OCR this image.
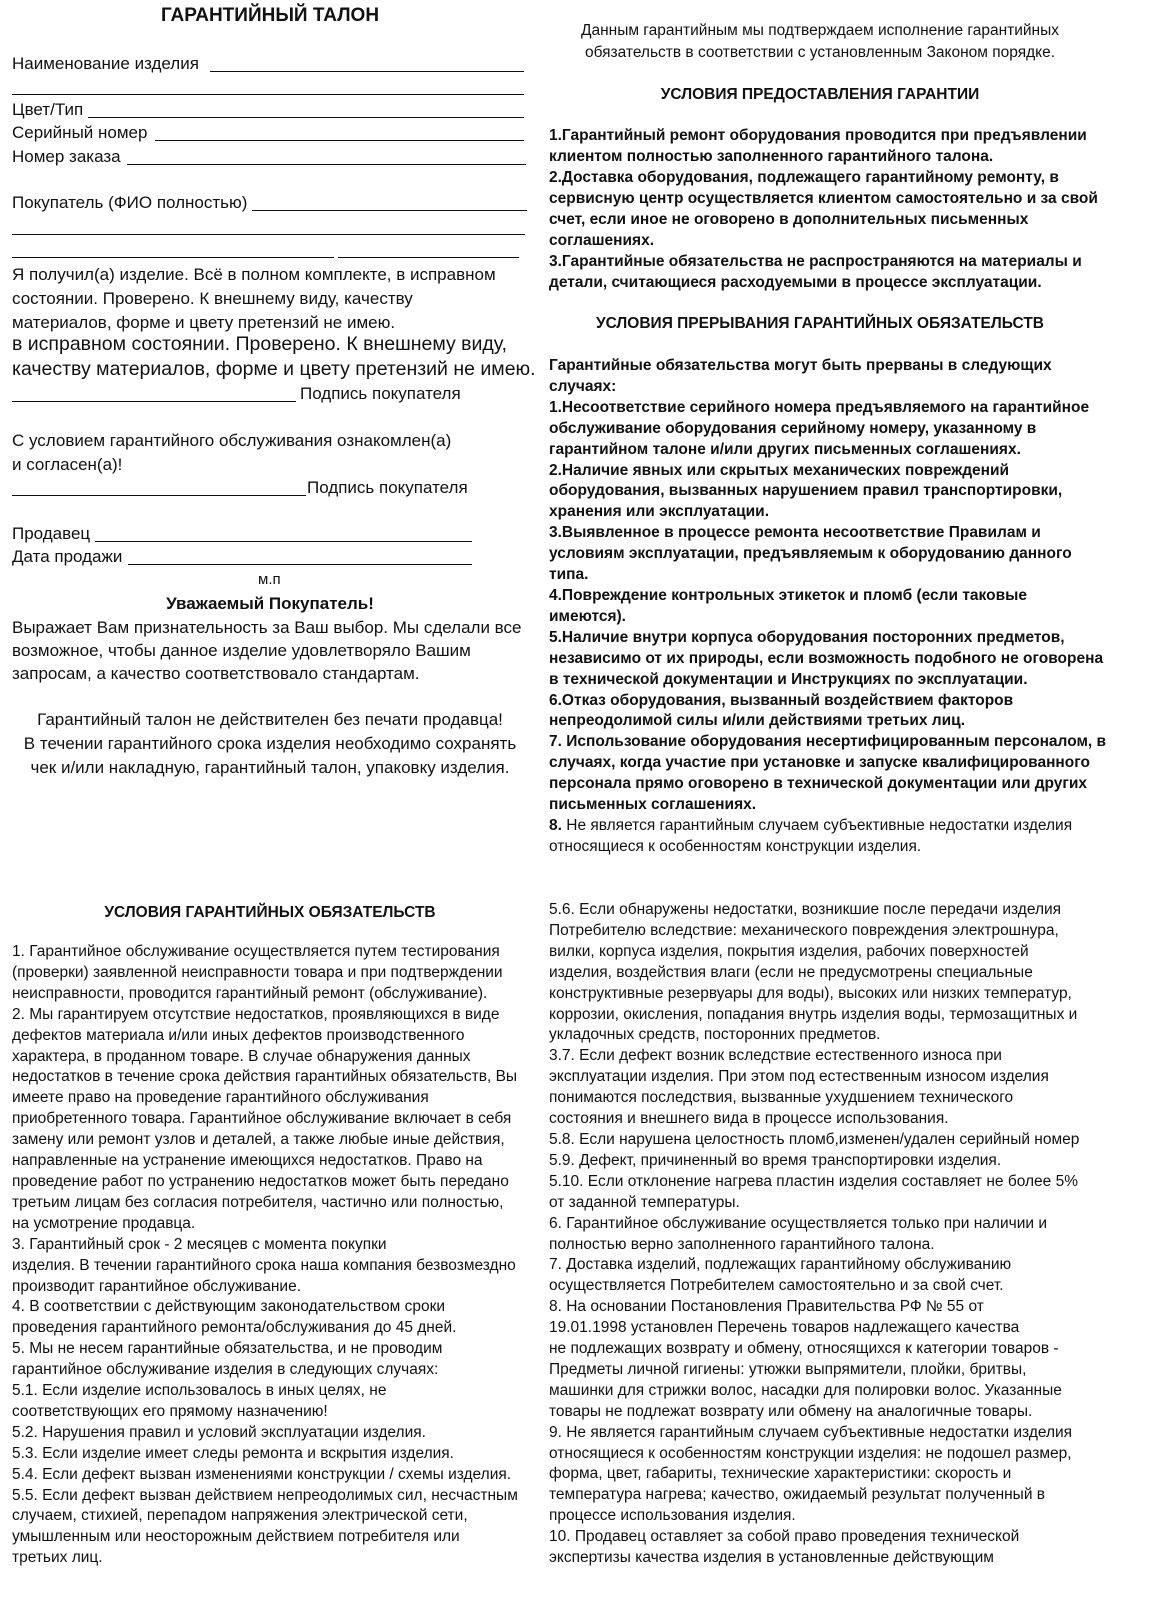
ГАРАНТИЙНЫЙ ТАЛОН
Наименование изделия
Цвет/Тип
Серийный номер
Номер заказа
Покупатель (ФИО полностью)
Я получил(а) изделие. Всё в полном комплекте, в исправном
состоянии. Проверено. К внешнему виду, качеству
материалов, форме и цвету претензий не имею.
в исправном состоянии. Проверено. К внешнему виду,
качеству материалов, форме и цвету претензий не имею.
Подпись покупателя
С условием гарантийного обслуживания ознакомлен(а)
и согласен(а)!
Подпись покупателя
Продавец
Дата продажи
м.п
Уважаемый Покупатель!
Выражает Вам признательность за Ваш выбор. Мы сделали все
возможное, чтобы данное изделие удовлетворяло Вашим
запросам, а качество соответствовало стандартам.
Гарантийный талон не действителен без печати продавца!
В течении гарантийного срока изделия необходимо сохранять
чек и/или накладную, гарантийный талон, упаковку изделия.
Данным гарантийным мы подтверждаем исполнение гарантийных
обязательств в соответствии с установленным Законом порядке.
УСЛОВИЯ ПРЕДОСТАВЛЕНИЯ ГАРАНТИИ
1.Гарантийный ремонт оборудования проводится при предъявлении
клиентом полностью заполненного гарантийного талона.
2.Доставка оборудования, подлежащего гарантийному ремонту, в
сервисную центр осуществляется клиентом самостоятельно и за свой
счет, если иное не оговорено в дополнительных письменных
соглашениях.
3.Гарантийные обязательства не распространяются на материалы и
детали, считающиеся расходуемыми в процессе эксплуатации.
УСЛОВИЯ ПРЕРЫВАНИЯ ГАРАНТИЙНЫХ ОБЯЗАТЕЛЬСТВ
Гарантийные обязательства могут быть прерваны в следующих
случаях:
1.Несоответствие серийного номера предъявляемого на гарантийное
обслуживание оборудования серийному номеру, указанному в
гарантийном талоне и/или других письменных соглашениях.
2.Наличие явных или скрытых механических повреждений
оборудования, вызванных нарушением правил транспортировки,
хранения или эксплуатации.
3.Выявленное в процессе ремонта несоответствие Правилам и
условиям эксплуатации, предъявляемым к оборудованию данного
типа.
4.Повреждение контрольных этикеток и пломб (если таковые
имеются).
5.Наличие внутри корпуса оборудования посторонних предметов,
независимо от их природы, если возможность подобного не оговорена
в технической документации и Инструкциях по эксплуатации.
6.Отказ оборудования, вызванный воздействием факторов
непреодолимой силы и/или действиями третьих лиц.
7. Использование оборудования несертифицированным персоналом, в
случаях, когда участие при установке и запуске квалифицированного
персонала прямо оговорено в технической документации или других
письменных соглашениях.
8. Не является гарантийным случаем субъективные недостатки изделия
относящиеся к особенностям конструкции изделия.
УСЛОВИЯ ГАРАНТИЙНЫХ ОБЯЗАТЕЛЬСТВ
1. Гарантийное обслуживание осуществляется путем тестирования
(проверки) заявленной неисправности товара и при подтверждении
неисправности, проводится гарантийный ремонт (обслуживание).
2. Мы гарантируем отсутствие недостатков, проявляющихся в виде
дефектов материала и/или иных дефектов производственного
характера, в проданном товаре. В случае обнаружения данных
недостатков в течение срока действия гарантийных обязательств, Вы
имеете право на проведение гарантийного обслуживания
приобретенного товара. Гарантийное обслуживание включает в себя
замену или ремонт узлов и деталей, а также любые иные действия,
направленные на устранение имеющихся недостатков. Право на
проведение работ по устранению недостатков может быть передано
третьим лицам без согласия потребителя, частично или полностью,
на усмотрение продавца.
3. Гарантийный срок - 2 месяцев с момента покупки
изделия. В течении гарантийного срока наша компания безвозмездно
производит гарантийное обслуживание.
4. В соответствии с действующим законодательством сроки
проведения гарантийного ремонта/обслуживания до 45 дней.
5. Мы не несем гарантийные обязательства, и не проводим
гарантийное обслуживание изделия в следующих случаях:
5.1. Если изделие использовалось в иных целях, не
соответствующих его прямому назначению!
5.2. Нарушения правил и условий эксплуатации изделия.
5.3. Если изделие имеет следы ремонта и вскрытия изделия.
5.4. Если дефект вызван изменениями конструкции / схемы изделия.
5.5. Если дефект вызван действием непреодолимых сил, несчастным
случаем, стихией, перепадом напряжения электрической сети,
умышленным или неосторожным действием потребителя или
третьих лиц.
5.6. Если обнаружены недостатки, возникшие после передачи изделия
Потребителю вследствие: механического повреждения электрошнура,
вилки, корпуса изделия, покрытия изделия, рабочих поверхностей
изделия, воздействия влаги (если не предусмотрены специальные
конструктивные резервуары для воды), высоких или низких температур,
коррозии, окисления, попадания внутрь изделия воды, термозащитных и
укладочных средств, посторонних предметов.
3.7. Если дефект возник вследствие естественного износа при
эксплуатации изделия. При этом под естественным износом изделия
понимаются последствия, вызванные ухудшением технического
состояния и внешнего вида в процессе использования.
5.8. Если нарушена целостность пломб,изменен/удален серийный номер
5.9. Дефект, причиненный во время транспортировки изделия.
5.10. Если отклонение нагрева пластин изделия составляет не более 5%
от заданной температуры.
6. Гарантийное обслуживание осуществляется только при наличии и
полностью верно заполненного гарантийного талона.
7. Доставка изделий, подлежащих гарантийному обслуживанию
осуществляется Потребителем самостоятельно и за свой счет.
8. На основании Постановления Правительства РФ № 55 от
19.01.1998 установлен Перечень товаров надлежащего качества
не подлежащих возврату и обмену, относящихся к категории товаров -
Предметы личной гигиены: утюжки выпрямители, плойки, бритвы,
машинки для стрижки волос, насадки для полировки волос. Указанные
товары не подлежат возврату или обмену на аналогичные товары.
9. Не является гарантийным случаем субъективные недостатки изделия
относящиеся к особенностям конструкции изделия: не подошел размер,
форма, цвет, габариты, технические характеристики: скорость и
температура нагрева; качество, ожидаемый результат полученный в
процессе использования изделия.
10. Продавец оставляет за собой право проведения технической
экспертизы качества изделия в установленные действующим
